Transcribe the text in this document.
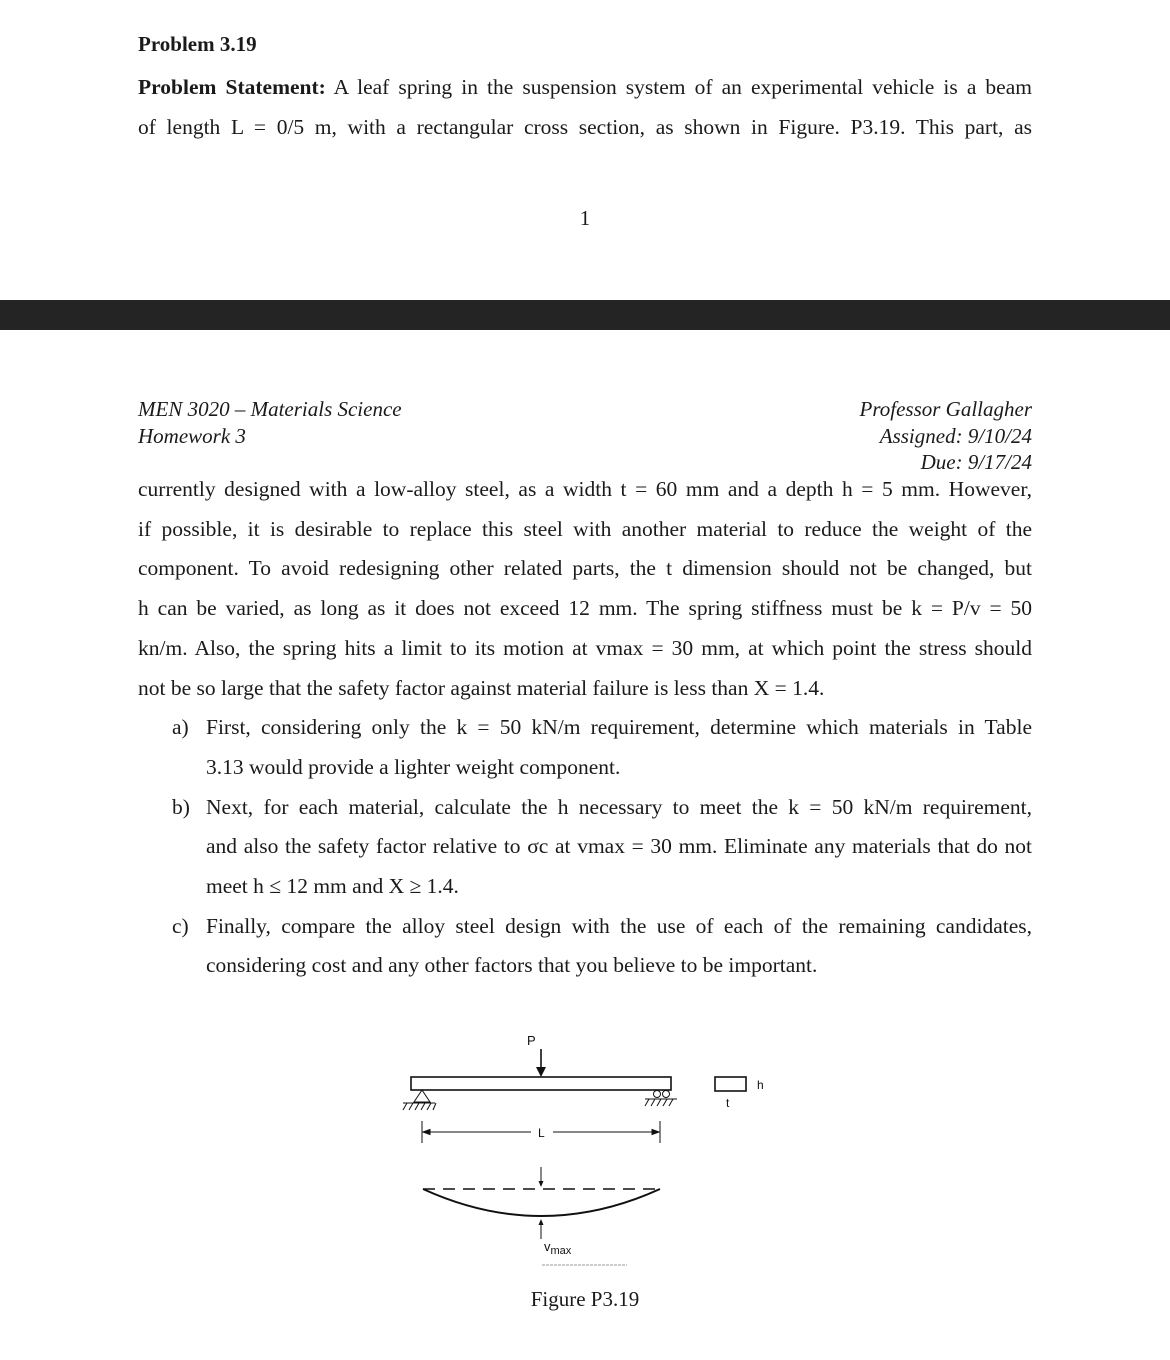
Problem 3.19
Problem Statement: A leaf spring in the suspension system of an experimental vehicle is a beam
of length L = 0/5 m, with a rectangular cross section, as shown in Figure. P3.19. This part, as
1
MEN 3020 – Materials Science
Homework 3
Professor Gallagher
Assigned: 9/10/24
Due: 9/17/24

currently designed with a low-alloy steel, as a width t = 60 mm and a depth h = 5 mm. However,

if possible, it is desirable to replace this steel with another material to reduce the weight of the

component. To avoid redesigning other related parts, the t dimension should not be changed, but

h can be varied, as long as it does not exceed 12 mm. The spring stiffness must be k = P/v = 50

kn/m. Also, the spring hits a limit to its motion at vmax = 30 mm, at which point the stress should

not be so large that the safety factor against material failure is less than X = 1.4.

a) First, considering only the k = 50 kN/m requirement, determine which materials in Table
3.13 would provide a lighter weight component.
b) Next, for each material, calculate the h necessary to meet the k = 50 kN/m requirement,
and also the safety factor relative to σc at vmax = 30 mm. Eliminate any materials that do not
meet h ≤ 12 mm and X ≥ 1.4.
c) Finally, compare the alloy steel design with the use of each of the remaining candidates,
considering cost and any other factors that you believe to be important.
P
L
h
t
$v_{max}$
Figure P3.19
